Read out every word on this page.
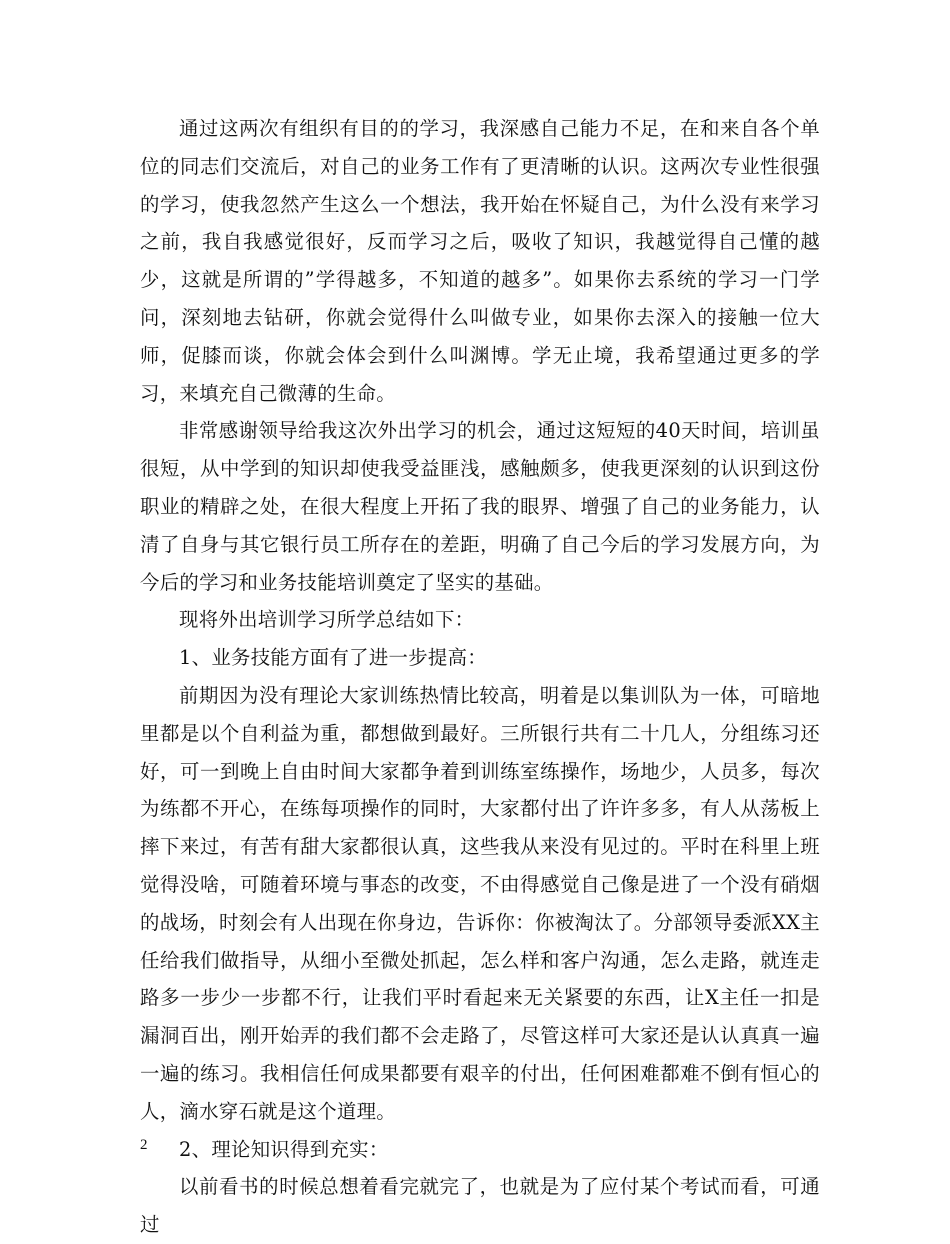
通过这两次有组织有目的的学习，我深感自己能力不足，在和来自各个单位的同志们交流后，对自己的业务工作有了更清晰的认识。这两次专业性很强的学习，使我忽然产生这么一个想法，我开始在怀疑自己，为什么没有来学习之前，我自我感觉很好，反而学习之后，吸收了知识，我越觉得自己懂的越少，这就是所谓的”学得越多，不知道的越多”。如果你去系统的学习一门学问，深刻地去钻研，你就会觉得什么叫做专业，如果你去深入的接触一位大师，促膝而谈，你就会体会到什么叫渊博。学无止境，我希望通过更多的学习，来填充自己微薄的生命。

非常感谢领导给我这次外出学习的机会，通过这短短的40天时间，培训虽很短，从中学到的知识却使我受益匪浅，感触颇多，使我更深刻的认识到这份职业的精辟之处，在很大程度上开拓了我的眼界、增强了自己的业务能力，认清了自身与其它银行员工所存在的差距，明确了自己今后的学习发展方向，为今后的学习和业务技能培训奠定了坚实的基础。

现将外出培训学习所学总结如下：

1、业务技能方面有了进一步提高：

前期因为没有理论大家训练热情比较高，明着是以集训队为一体，可暗地里都是以个自利益为重，都想做到最好。三所银行共有二十几人，分组练习还好，可一到晚上自由时间大家都争着到训练室练操作，场地少，人员多，每次为练都不开心，在练每项操作的同时，大家都付出了许许多多，有人从荡板上摔下来过，有苦有甜大家都很认真，这些我从来没有见过的。平时在科里上班觉得没啥，可随着环境与事态的改变，不由得感觉自己像是进了一个没有硝烟的战场，时刻会有人出现在你身边，告诉你：你被淘汰了。分部领导委派XX主任给我们做指导，从细小至微处抓起，怎么样和客户沟通，怎么走路，就连走路多一步少一步都不行，让我们平时看起来无关紧要的东西，让X主任一扣是漏洞百出，刚开始弄的我们都不会走路了，尽管这样可大家还是认认真真一遍一遍的练习。我相信任何成果都要有艰辛的付出，任何困难都难不倒有恒心的人，滴水穿石就是这个道理。

2、理论知识得到充实：

以前看书的时候总想着看完就完了，也就是为了应付某个考试而看，可通过

2
